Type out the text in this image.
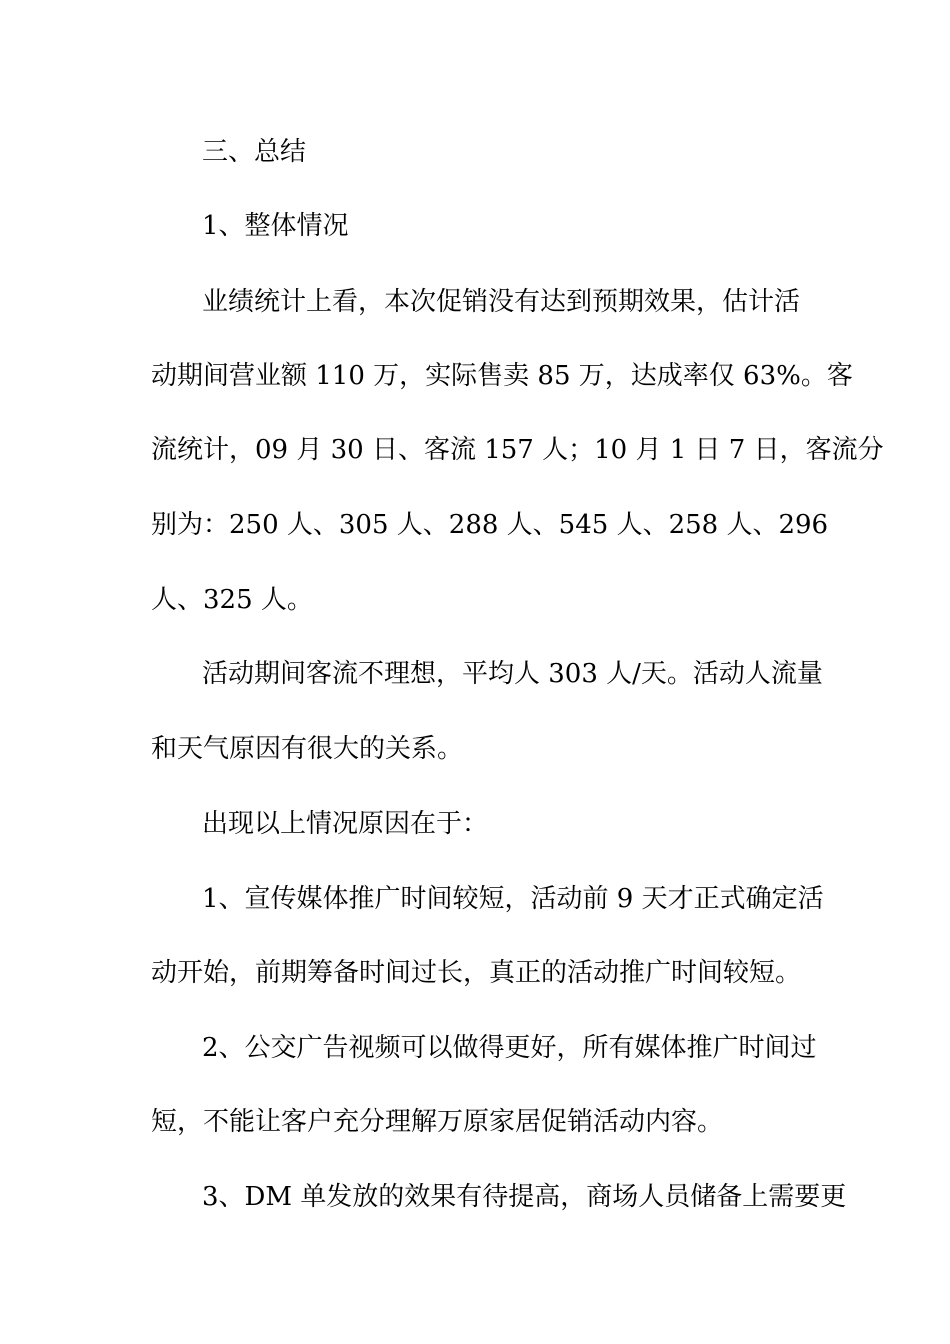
三、总结
1、整体情况
业绩统计上看，本次促销没有达到预期效果，估计活
动期间营业额 110 万，实际售卖 85 万，达成率仅 63%。客
流统计，09 月 30 日、客流 157 人；10 月 1 日 7 日，客流分
别为：250 人、305 人、288 人、545 人、258 人、296
人、325 人。
活动期间客流不理想，平均人 303 人/天。活动人流量
和天气原因有很大的关系。
出现以上情况原因在于：
1、宣传媒体推广时间较短，活动前 9 天才正式确定活
动开始，前期筹备时间过长，真正的活动推广时间较短。
2、公交广告视频可以做得更好，所有媒体推广时间过
短，不能让客户充分理解万原家居促销活动内容。
3、DM 单发放的效果有待提高，商场人员储备上需要更
